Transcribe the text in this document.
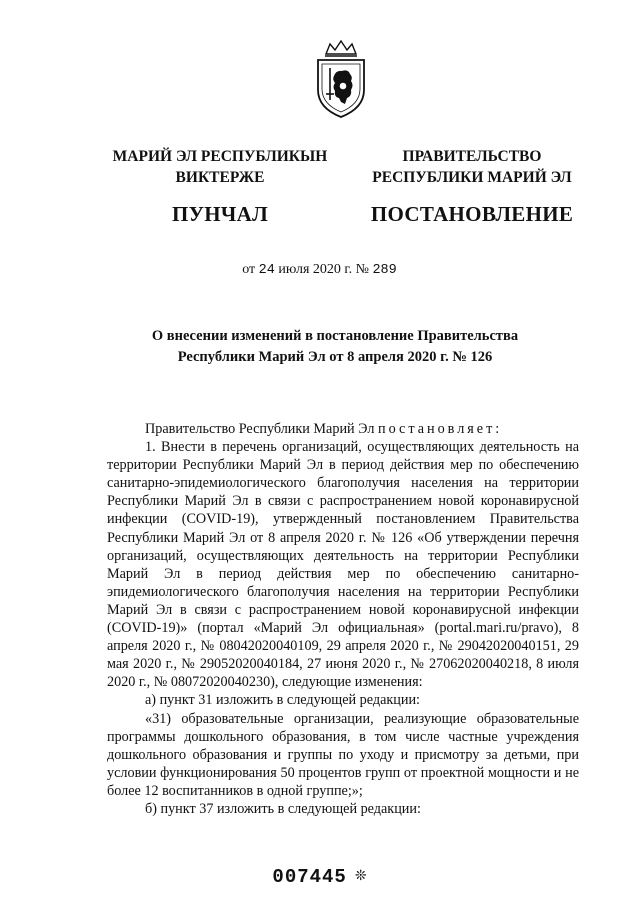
МАРИЙ ЭЛ РЕСПУБЛИКЫН
ВИКТЕРЖЕ
ПУНЧАЛ
ПРАВИТЕЛЬСТВО
РЕСПУБЛИКИ МАРИЙ ЭЛ
ПОСТАНОВЛЕНИЕ
от 24 июля 2020 г. № 289
О внесении изменений в постановление Правительства
Республики Марий Эл от 8 апреля 2020 г. № 126

Правительство Республики Марий Эл постановляет:

1. Внести в перечень организаций, осуществляющих деятельность на территории Республики Марий Эл в период действия мер по обеспечению санитарно-эпидемиологического благополучия населения на территории Республики Марий Эл в связи с распространением новой коронавирусной инфекции (COVID-19), утвержденный постановлением Правительства Республики Марий Эл от 8 апреля 2020 г. № 126 «Об утверждении перечня организаций, осуществляющих деятельность на территории Республики Марий Эл в период действия мер по обеспечению санитарно-эпидемиологического благополучия населения на территории Республики Марий Эл в связи с распространением новой коронавирусной инфекции (COVID-19)» (портал «Марий Эл официальная» (portal.mari.ru/pravo), 8 апреля 2020 г., № 08042020040109, 29 апреля 2020 г., № 29042020040151, 29 мая 2020 г., № 29052020040184, 27 июня 2020 г., № 27062020040218, 8 июля 2020 г., № 08072020040230), следующие изменения:

а) пункт 31 изложить в следующей редакции:

«31) образовательные организации, реализующие образовательные программы дошкольного образования, в том числе частные учреждения дошкольного образования и группы по уходу и присмотру за детьми, при условии функционирования 50 процентов групп от проектной мощности и не более 12 воспитанников в одной группе;»;

б) пункт 37 изложить в следующей редакции:

007445 ❊
